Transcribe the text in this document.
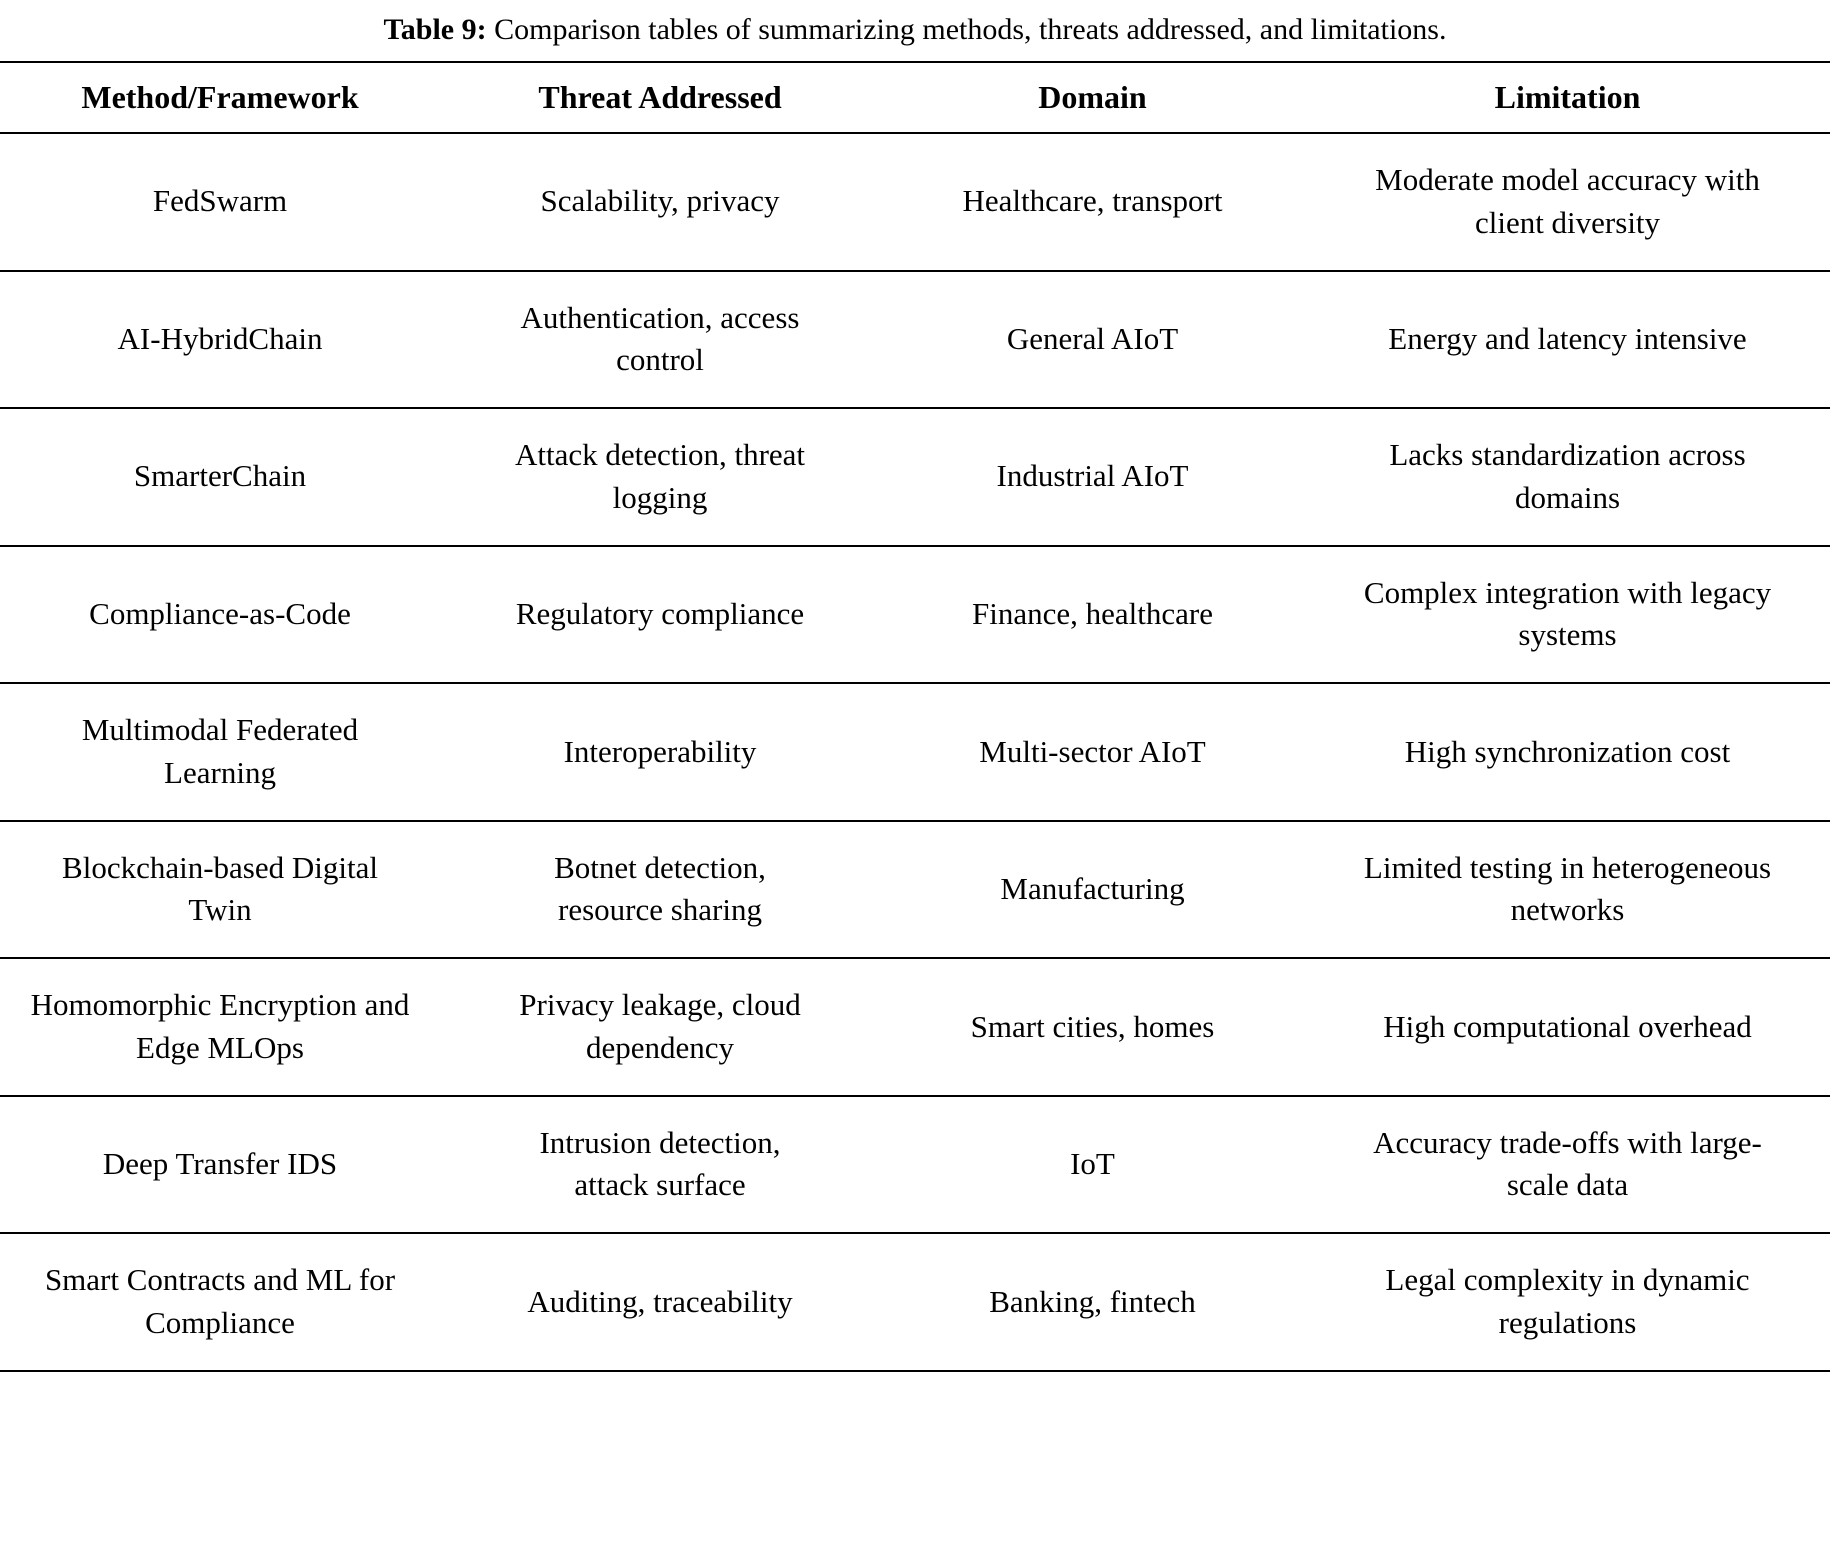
Table 9: Comparison tables of summarizing methods, threats addressed, and limitations.
Method/Framework	Threat Addressed	Domain	Limitation
FedSwarm	Scalability, privacy	Healthcare, transport	Moderate model accuracy with client diversity
AI-HybridChain	Authentication, access control	General AIoT	Energy and latency intensive
SmarterChain	Attack detection, threat logging	Industrial AIoT	Lacks standardization across domains
Compliance-as-Code	Regulatory compliance	Finance, healthcare	Complex integration with legacy systems
Multimodal Federated Learning	Interoperability	Multi-sector AIoT	High synchronization cost
Blockchain-based Digital Twin	Botnet detection, resource sharing	Manufacturing	Limited testing in heterogeneous networks
Homomorphic Encryption and Edge MLOps	Privacy leakage, cloud dependency	Smart cities, homes	High computational overhead
Deep Transfer IDS	Intrusion detection, attack surface	IoT	Accuracy trade-offs with large-scale data
Smart Contracts and ML for Compliance	Auditing, traceability	Banking, fintech	Legal complexity in dynamic regulations
